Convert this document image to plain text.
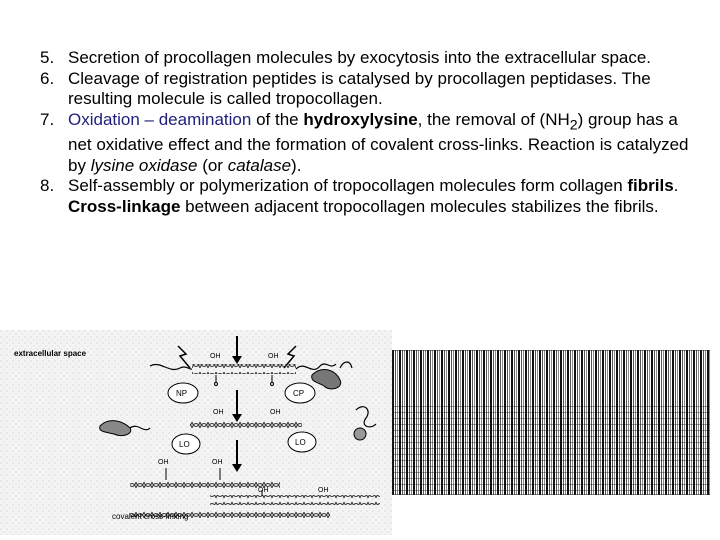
5. Secretion of procollagen molecules by exocytosis into the extracellular space.

6. Cleavage of registration peptides is catalysed by procollagen peptidases. The resulting molecule is called tropocollagen.

7. Oxidation – deamination of the hydroxylysine, the removal of $(NH_2)$ group has a net oxidative effect and the formation of covalent cross-links. Reaction is catalyzed by lysine oxidase (or catalase).

8. Self-assembly or polymerization of tropocollagen molecules form collagen fibrils. Cross-linkage between adjacent tropocollagen molecules stabilizes the fibrils.

extracellular space	OH	OH
NP	CP
OH	OH
LO	LO
OH	OH
OH	OH
covalent cross-linking
